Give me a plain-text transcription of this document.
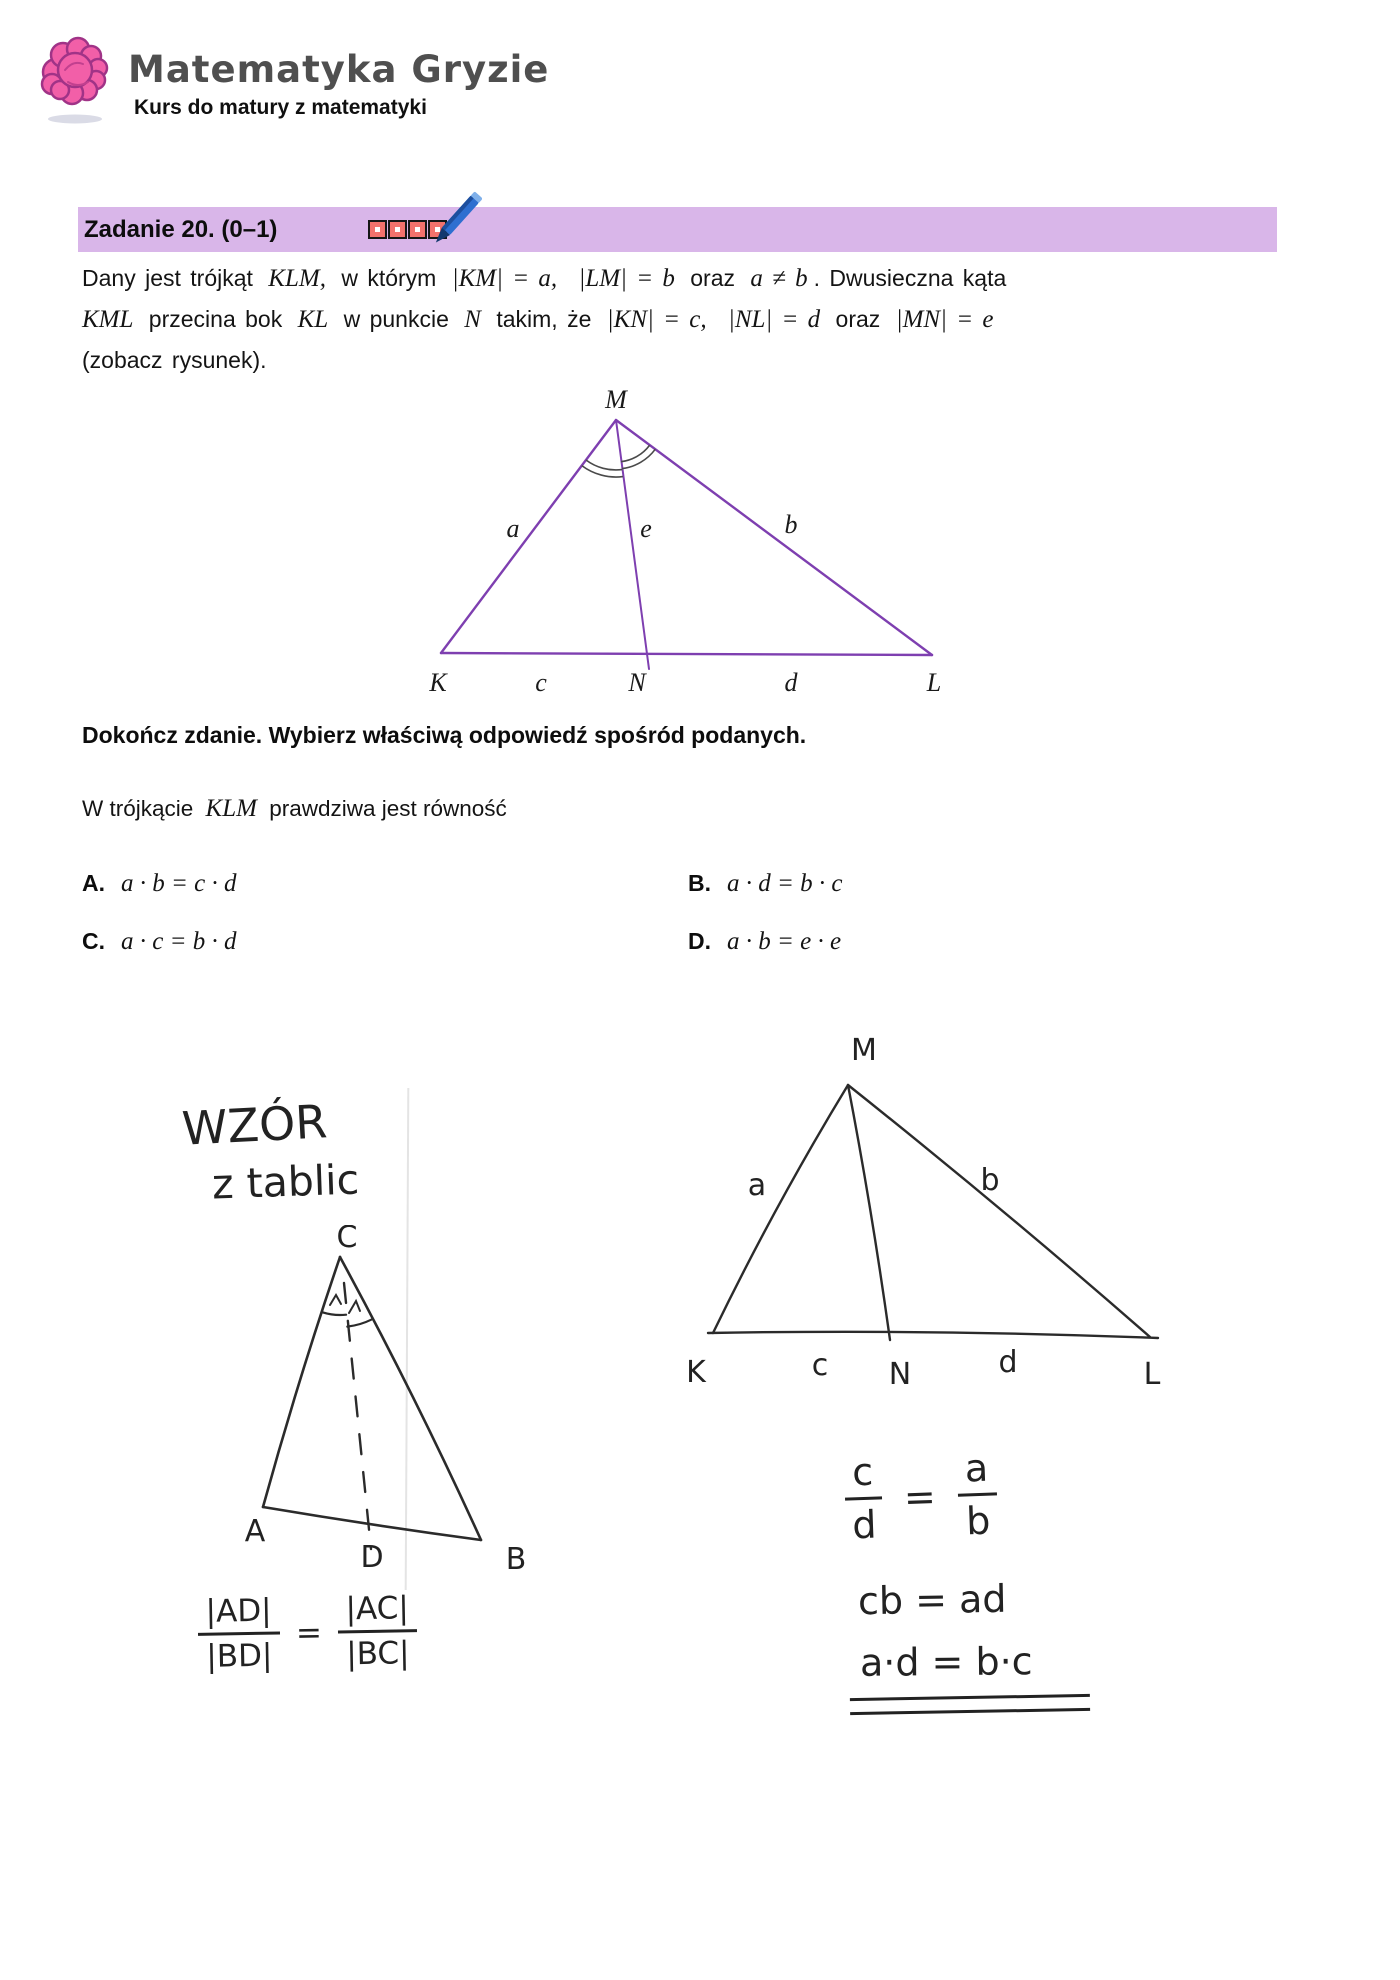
Matematyka Gryzie
Kurs do matury z matematyki
Zadanie 20. (0–1)
Dany jest trójkąt KLM, w którym |KM| = a, |LM| = b oraz a ≠ b . Dwusieczna kąta
KML przecina bok KL w punkcie N takim, że |KN| = c, |NL| = d oraz |MN| = e
(zobacz rysunek).
M
K	c	N	d	L
a	e	b
Dokończ zdanie. Wybierz właściwą odpowiedź spośród podanych.
W trójkącie KLM prawdziwa jest równość
A. a · b = c · d	B. a · d = b · c
C. a · c = b · d	D. a · b = e · e
WZÓR
z tablic
C
A
D	B
$\frac{|AD|}{|BD|} = \frac{|AC|}{|BC|}$
M
K	N	L
c	d
a	b
$\frac{c}{d} = \frac{a}{b}$
cb = ad
a·d = b·c
